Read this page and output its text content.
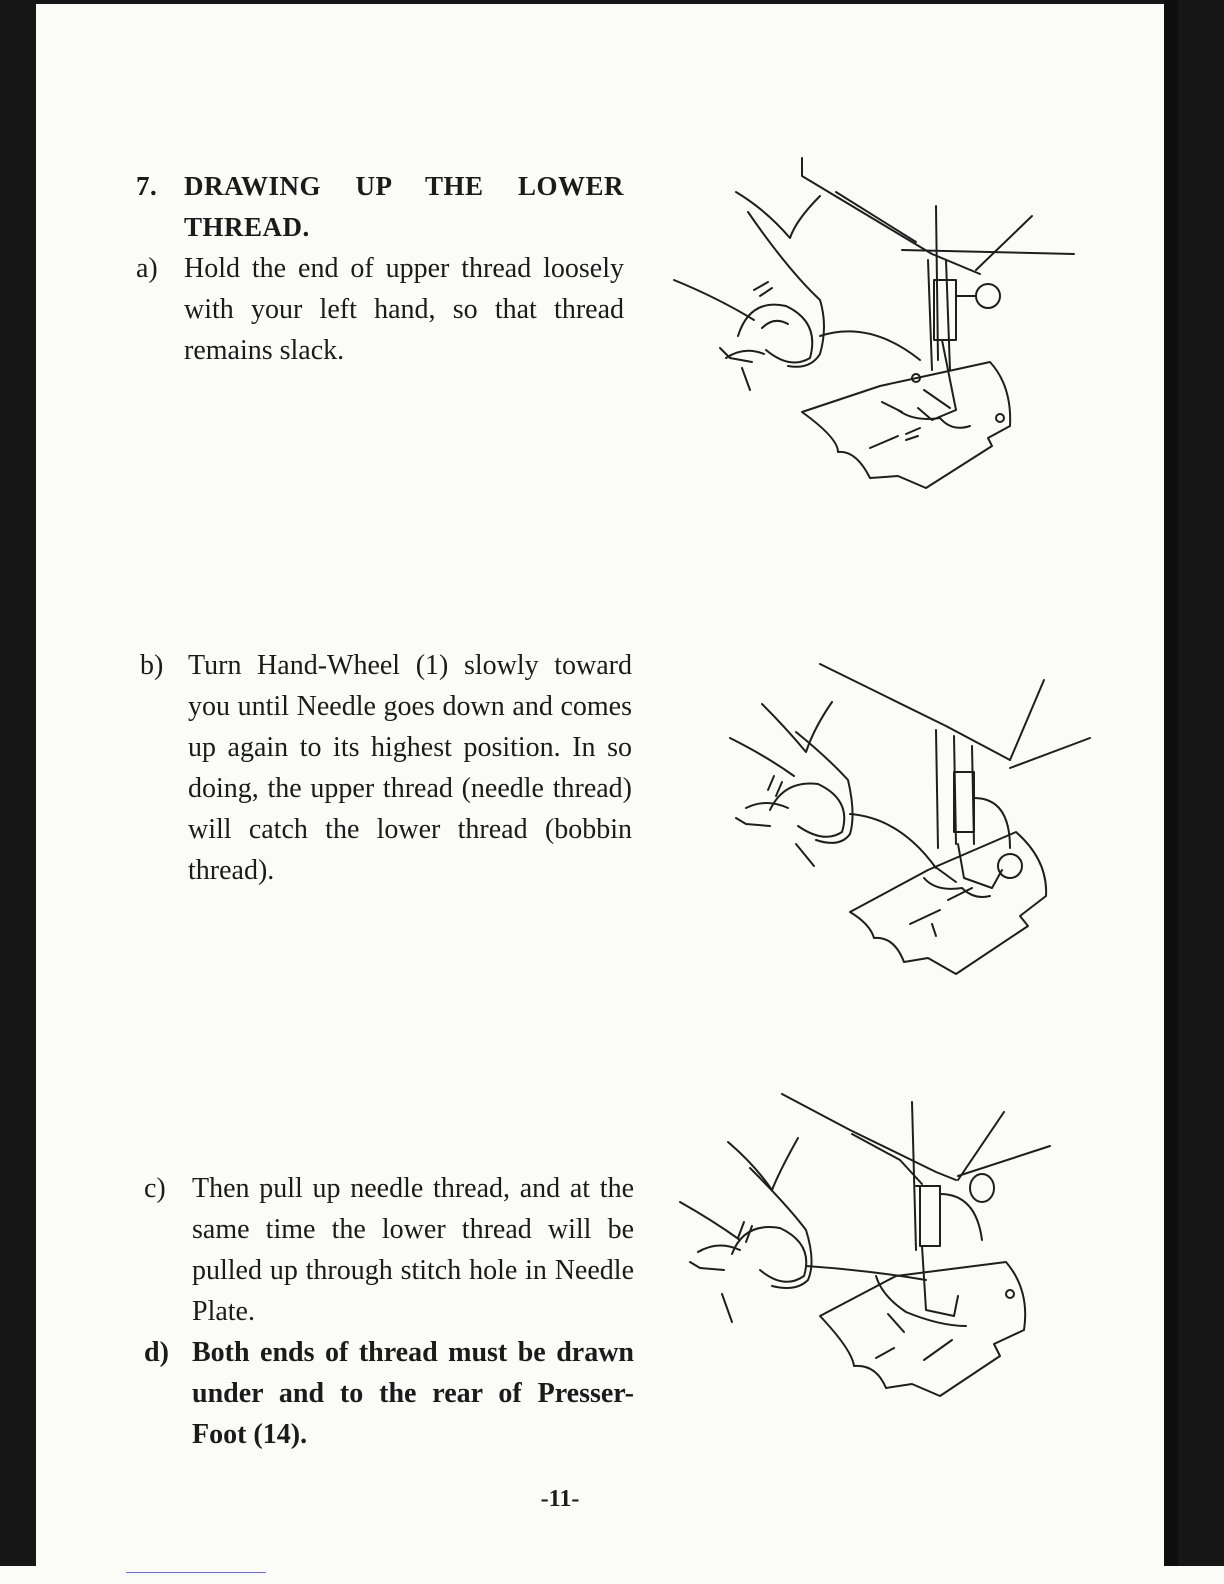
7. DRAWING UP THE LOWER THREAD.
a) Hold the end of upper thread loosely with your left hand, so that thread remains slack.
b) Turn Hand-Wheel (1) slowly toward you until Needle goes down and comes up again to its highest position. In so doing, the upper thread (needle thread) will catch the lower thread (bobbin thread).
c) Then pull up needle thread, and at the same time the lower thread will be pulled up through stitch hole in Needle Plate.
d) Both ends of thread must be drawn under and to the rear of Presser-Foot (14).
-11-
